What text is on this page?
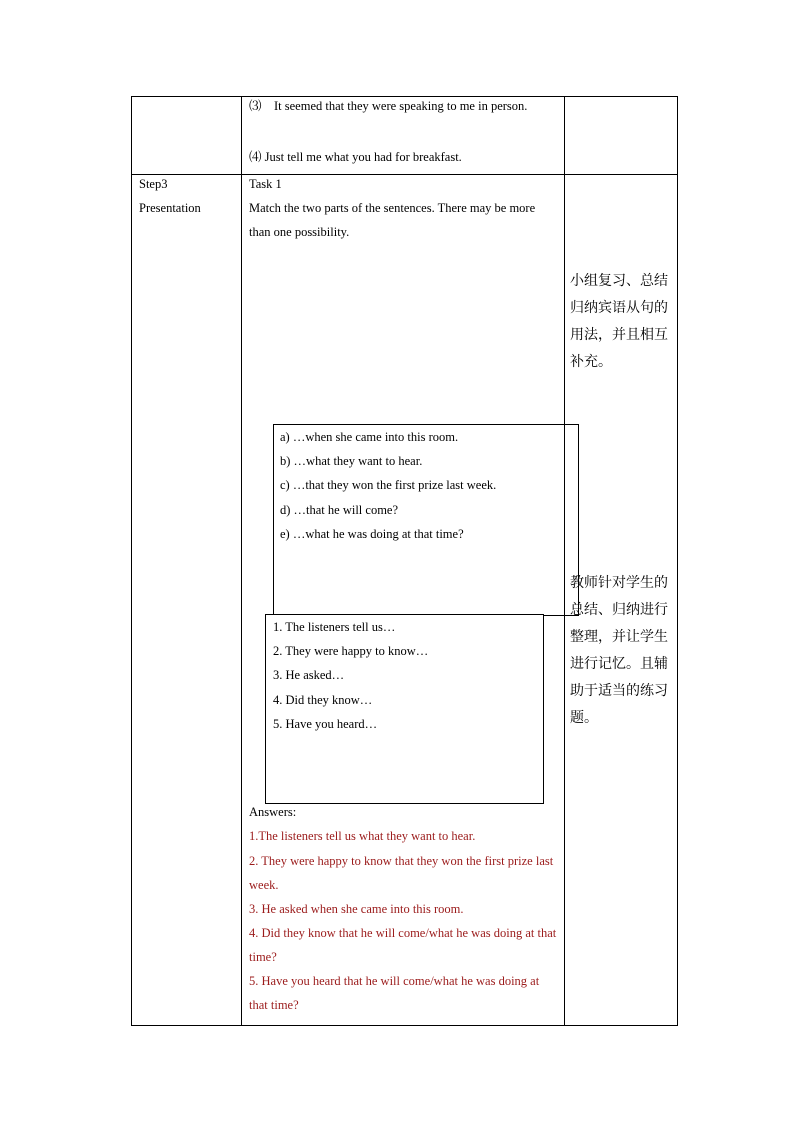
⑶    It seemed that they were speaking to me in person.
⑷ Just tell me what you had for breakfast.
Step3
Presentation
Task 1
Match the two parts of the sentences. There may be more than one possibility.
小组复习、总结归纳宾语从句的用法，并且相互补充。
教师针对学生的总结、归纳进行整理，并让学生进行记忆。且辅助于适当的练习题。
a) …when she came into this room.
b) …what they want to hear.
c) …that they won the first prize last week.
d) …that he will come?
e) …what he was doing at that time?
1. The listeners tell us…
2. They were happy to know…
3. He asked…
4. Did they know…
5. Have you heard…
Answers:
1.The listeners tell us what they want to hear.
2. They were happy to know that they won the first prize last week.
3. He asked when she came into this room.
4. Did they know that he will come/what he was doing at that time?
5. Have you heard that he will come/what he was doing at that time?
